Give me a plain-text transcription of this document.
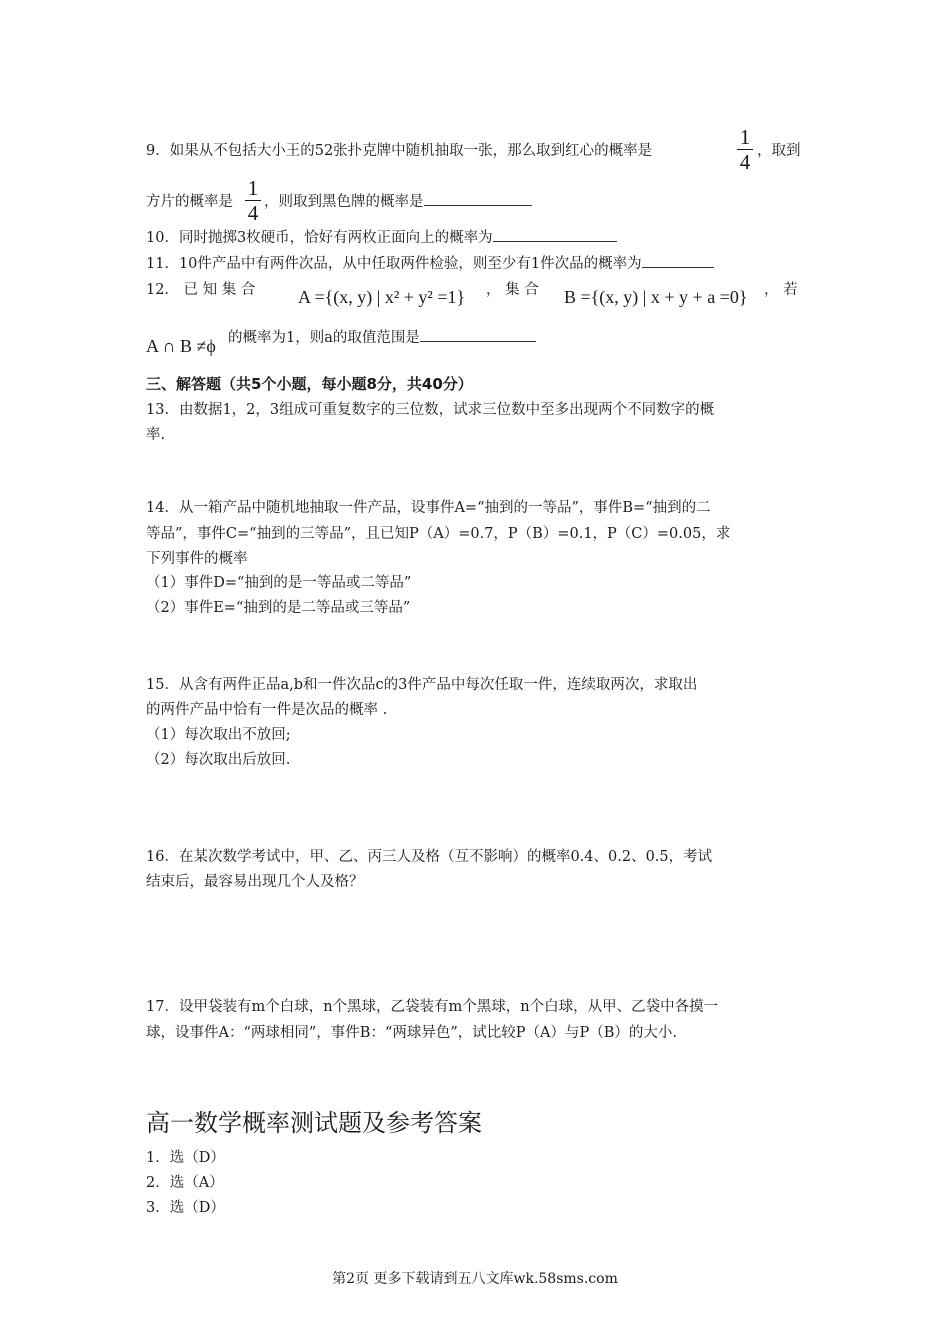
9．如果从不包括大小王的52张扑克牌中随机抽取一张，那么取到红心的概率是
1
4 ，取到
方片的概率是
1
4 ，则取到黑色牌的概率是
10．同时抛掷3枚硬币，恰好有两枚正面向上的概率为
11．10件产品中有两件次品，从中任取两件检验，则至少有1件次品的概率为
12． 已 知 集 合 A ={(x, y) | x² + y² =1} ， 集 合 B ={(x, y) | x + y + a =0} ， 若
A ∩ B ≠ϕ 的概率为1，则a的取值范围是
三、解答题（共5个小题，每小题8分，共40分）
13．由数据1，2，3组成可重复数字的三位数，试求三位数中至多出现两个不同数字的概
率.
14．从一箱产品中随机地抽取一件产品，设事件A=“抽到的一等品”，事件B=“抽到的二
等品”，事件C=“抽到的三等品”，且已知P（A）=0.7，P（B）=0.1，P（C）=0.05，求
下列事件的概率
（1）事件D=“抽到的是一等品或二等品”
（2）事件E=“抽到的是二等品或三等品”
15．从含有两件正品a,b和一件次品c的3件产品中每次任取一件，连续取两次，求取出
的两件产品中恰有一件是次品的概率 .
（1）每次取出不放回;
（2）每次取出后放回.
16．在某次数学考试中，甲、乙、丙三人及格（互不影响）的概率0.4、0.2、0.5，考试
结束后，最容易出现几个人及格？
17．设甲袋装有m个白球，n个黑球，乙袋装有m个黑球，n个白球，从甲、乙袋中各摸一
球，设事件A：“两球相同”，事件B：“两球异色”，试比较P（A）与P（B）的大小.
高一数学概率测试题及参考答案
1．选（D）
2．选（A）
3．选（D）
第2页 更多下载请到五八文库wk.58sms.com
